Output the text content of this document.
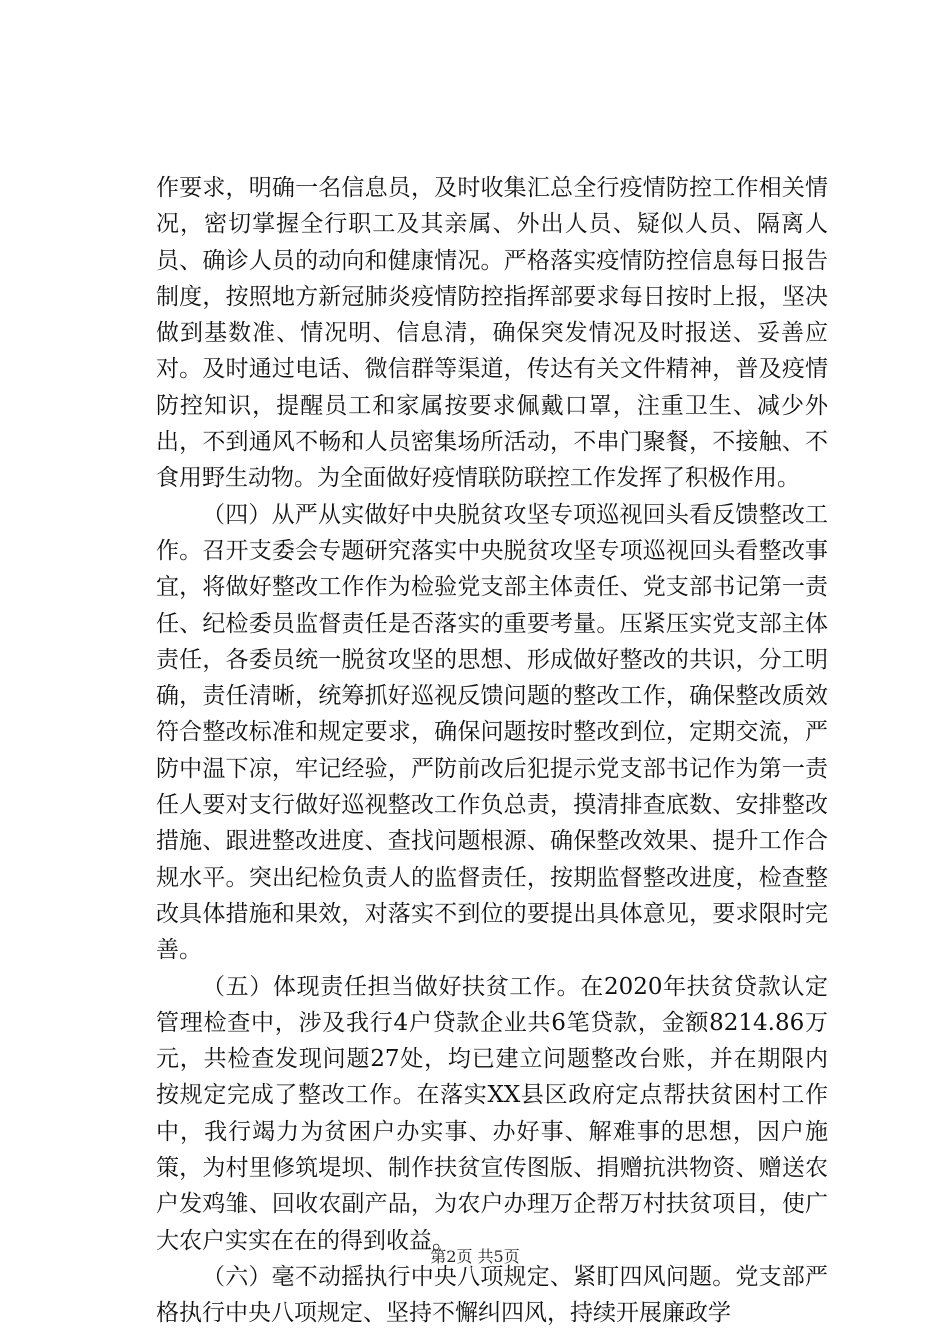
作要求，明确一名信息员，及时收集汇总全行疫情防控工作相关情况，密切掌握全行职工及其亲属、外出人员、疑似人员、隔离人员、确诊人员的动向和健康情况。严格落实疫情防控信息每日报告制度，按照地方新冠肺炎疫情防控指挥部要求每日按时上报，坚决做到基数准、情况明、信息清，确保突发情况及时报送、妥善应对。及时通过电话、微信群等渠道，传达有关文件精神，普及疫情防控知识，提醒员工和家属按要求佩戴口罩，注重卫生、减少外出，不到通风不畅和人员密集场所活动，不串门聚餐，不接触、不食用野生动物。为全面做好疫情联防联控工作发挥了积极作用。

（四）从严从实做好中央脱贫攻坚专项巡视回头看反馈整改工作。召开支委会专题研究落实中央脱贫攻坚专项巡视回头看整改事宜，将做好整改工作作为检验党支部主体责任、党支部书记第一责任、纪检委员监督责任是否落实的重要考量。压紧压实党支部主体责任，各委员统一脱贫攻坚的思想、形成做好整改的共识，分工明确，责任清晰，统筹抓好巡视反馈问题的整改工作，确保整改质效符合整改标准和规定要求，确保问题按时整改到位，定期交流，严防中温下凉，牢记经验，严防前改后犯提示党支部书记作为第一责任人要对支行做好巡视整改工作负总责，摸清排查底数、安排整改措施、跟进整改进度、查找问题根源、确保整改效果、提升工作合规水平。突出纪检负责人的监督责任，按期监督整改进度，检查整改具体措施和果效，对落实不到位的要提出具体意见，要求限时完善。

（五）体现责任担当做好扶贫工作。在2020年扶贫贷款认定管理检查中，涉及我行4户贷款企业共6笔贷款，金额8214.86万元，共检查发现问题27处，均已建立问题整改台账，并在期限内按规定完成了整改工作。在落实XX县区政府定点帮扶贫困村工作中，我行竭力为贫困户办实事、办好事、解难事的思想，因户施策，为村里修筑堤坝、制作扶贫宣传图版、捐赠抗洪物资、赠送农户发鸡雏、回收农副产品，为农户办理万企帮万村扶贫项目，使广大农户实实在在的得到收益。

（六）毫不动摇执行中央八项规定、紧盯四风问题。党支部严格执行中央八项规定、坚持不懈纠四风，持续开展廉政学

第2页 共5页
